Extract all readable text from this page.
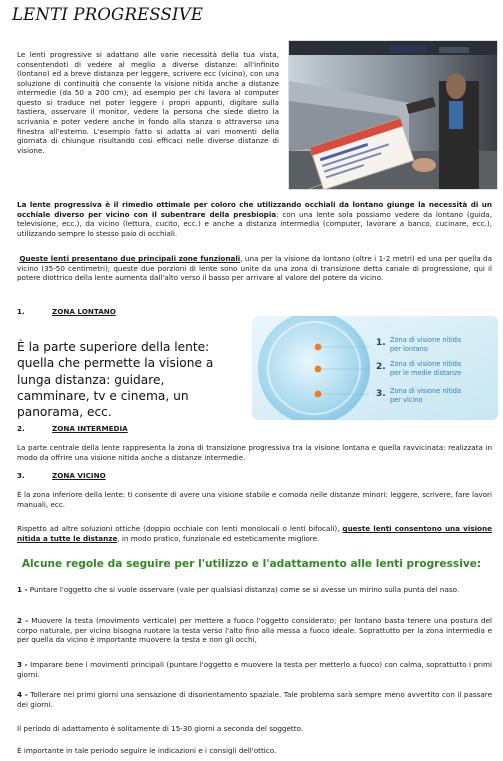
LENTI PROGRESSIVE

Le lenti progressive si adattano alle varie necessità della tua vista, consentendoti di vedere al meglio a diverse distanze: all'infinito (lontano) ed a breve distanza per leggere, scrivere ecc (vicino), con una soluzione di continuità che consente la visione nitida anche a distanze intermedie (da 50 a 200 cm); ad esempio per chi lavora al computer questo si traduce nel poter leggere i propri appunti, digitare sulla tastiera, osservare il monitor, vedere la persona che siede dietro la scrivania e poter vedere anche in fondo alla stanza o attraverso una finestra all'esterno. L'esempio fatto si adatta ai vari momenti della giornata di chiunque risultando così efficaci nelle diverse distanze di visione.

La lente progressiva è il rimedio ottimale per coloro che utilizzando occhiali da lontano giunge la necessità di un occhiale diverso per vicino con il subentrare della presbiopia: con una lente sola possiamo vedere da lontano (guida, televisione, ecc.), da vicino (lettura, cucito, ecc.) e anche a distanza intermedia (computer, lavorare a banco, cucinare, ecc.), utilizzando sempre lo stesso paio di occhiali.

Queste lenti presentano due principali zone funzionali, una per la visione da lontano (oltre i 1-2 metri) ed una per quella da vicino (35-50 centimetri); queste due porzioni di lente sono unite da una zona di transizione detta canale di progressione, qui il potere diottrico della lente aumenta dall'alto verso il basso per arrivare al valore del potere da vicino.

1.	ZONA LONTANO

È la parte superiore della lente: quella che permette la visione a lunga distanza: guidare, camminare, tv e cinema, un panorama, ecc.

1. Zona di visione nitida
per lontano
2. Zona di visione nitida
per le medie distanze
3. Zona di visione nitida
per vicino
2.	ZONA INTERMEDIA

La parte centrale della lente rappresenta la zona di transizione progressiva tra la visione lontana e quella ravvicinata: realizzata in modo da offrire una visione nitida anche a distanze intermedie.

3.	ZONA VICINO

È la zona inferiore della lente: ti consente di avere una visione stabile e comoda nelle distanze minori: leggere, scrivere, fare lavori manuali, ecc.

Rispetto ad altre soluzioni ottiche (doppio occhiale con lenti monolocali o lenti bifocali), queste lenti consentono una visione nitida a tutte le distanze, in modo pratico, funzionale ed esteticamente migliore.

Alcune regole da seguire per l'utilizzo e l'adattamento alle lenti progressive:

1 - Puntare l'oggetto che si vuole osservare (vale per qualsiasi distanza) come se si avesse un mirino sulla punta del naso.

2 - Muovere la testa (movimento verticale) per mettere a fuoco l'oggetto considerato; per lontano basta tenere una postura del corpo naturale, per vicino bisogna ruotare la testa verso l'alto fino alla messa a fuoco ideale. Soprattutto per la zona intermedia e per quella da vicino è importante muovere la testa e non gli occhi,

3 - Imparare bene i movimenti principali (puntare l'oggetto e muovere la testa per metterlo a fuoco) con calma, soprattutto i primi giorni.

4 - Tollerare nei primi giorni una sensazione di disorientamento spaziale. Tale problema sarà sempre meno avvertito con il passare dei giorni.

Il periodo di adattamento è solitamente di 15-30 giorni a seconda del soggetto.

È importante in tale periodo seguire le indicazioni e i consigli dell'ottico.
